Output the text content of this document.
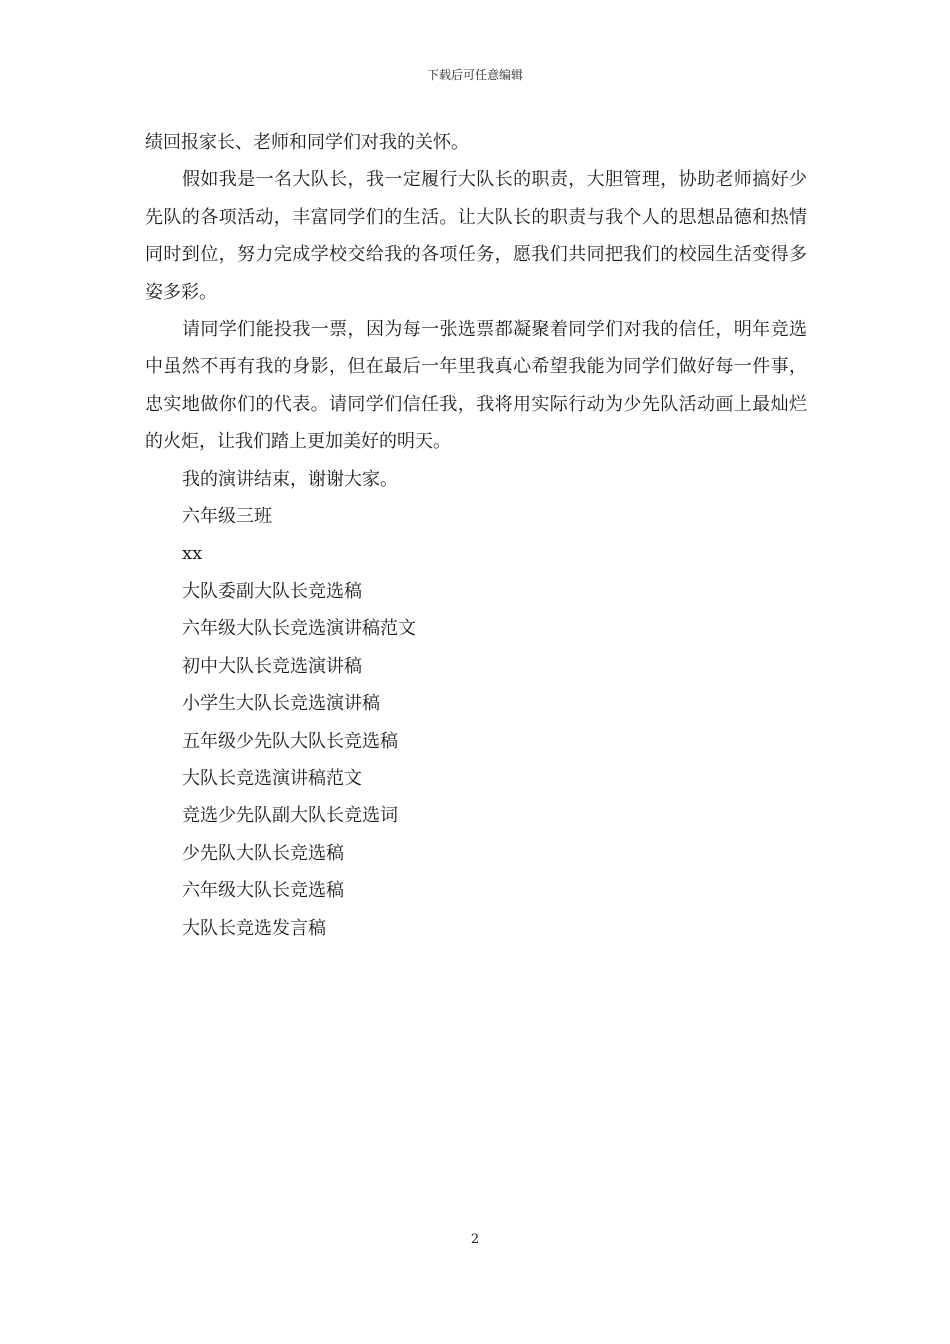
下载后可任意编辑

绩回报家长、老师和同学们对我的关怀。

假如我是一名大队长，我一定履行大队长的职责，大胆管理，协助老师搞好少先队的各项活动，丰富同学们的生活。让大队长的职责与我个人的思想品德和热情同时到位，努力完成学校交给我的各项任务，愿我们共同把我们的校园生活变得多姿多彩。

请同学们能投我一票，因为每一张选票都凝聚着同学们对我的信任，明年竞选中虽然不再有我的身影，但在最后一年里我真心希望我能为同学们做好每一件事，忠实地做你们的代表。请同学们信任我，我将用实际行动为少先队活动画上最灿烂的火炬，让我们踏上更加美好的明天。

我的演讲结束，谢谢大家。

六年级三班

xx

大队委副大队长竞选稿

六年级大队长竞选演讲稿范文

初中大队长竞选演讲稿

小学生大队长竞选演讲稿

五年级少先队大队长竞选稿

大队长竞选演讲稿范文

竞选少先队副大队长竞选词

少先队大队长竞选稿

六年级大队长竞选稿

大队长竞选发言稿

2
